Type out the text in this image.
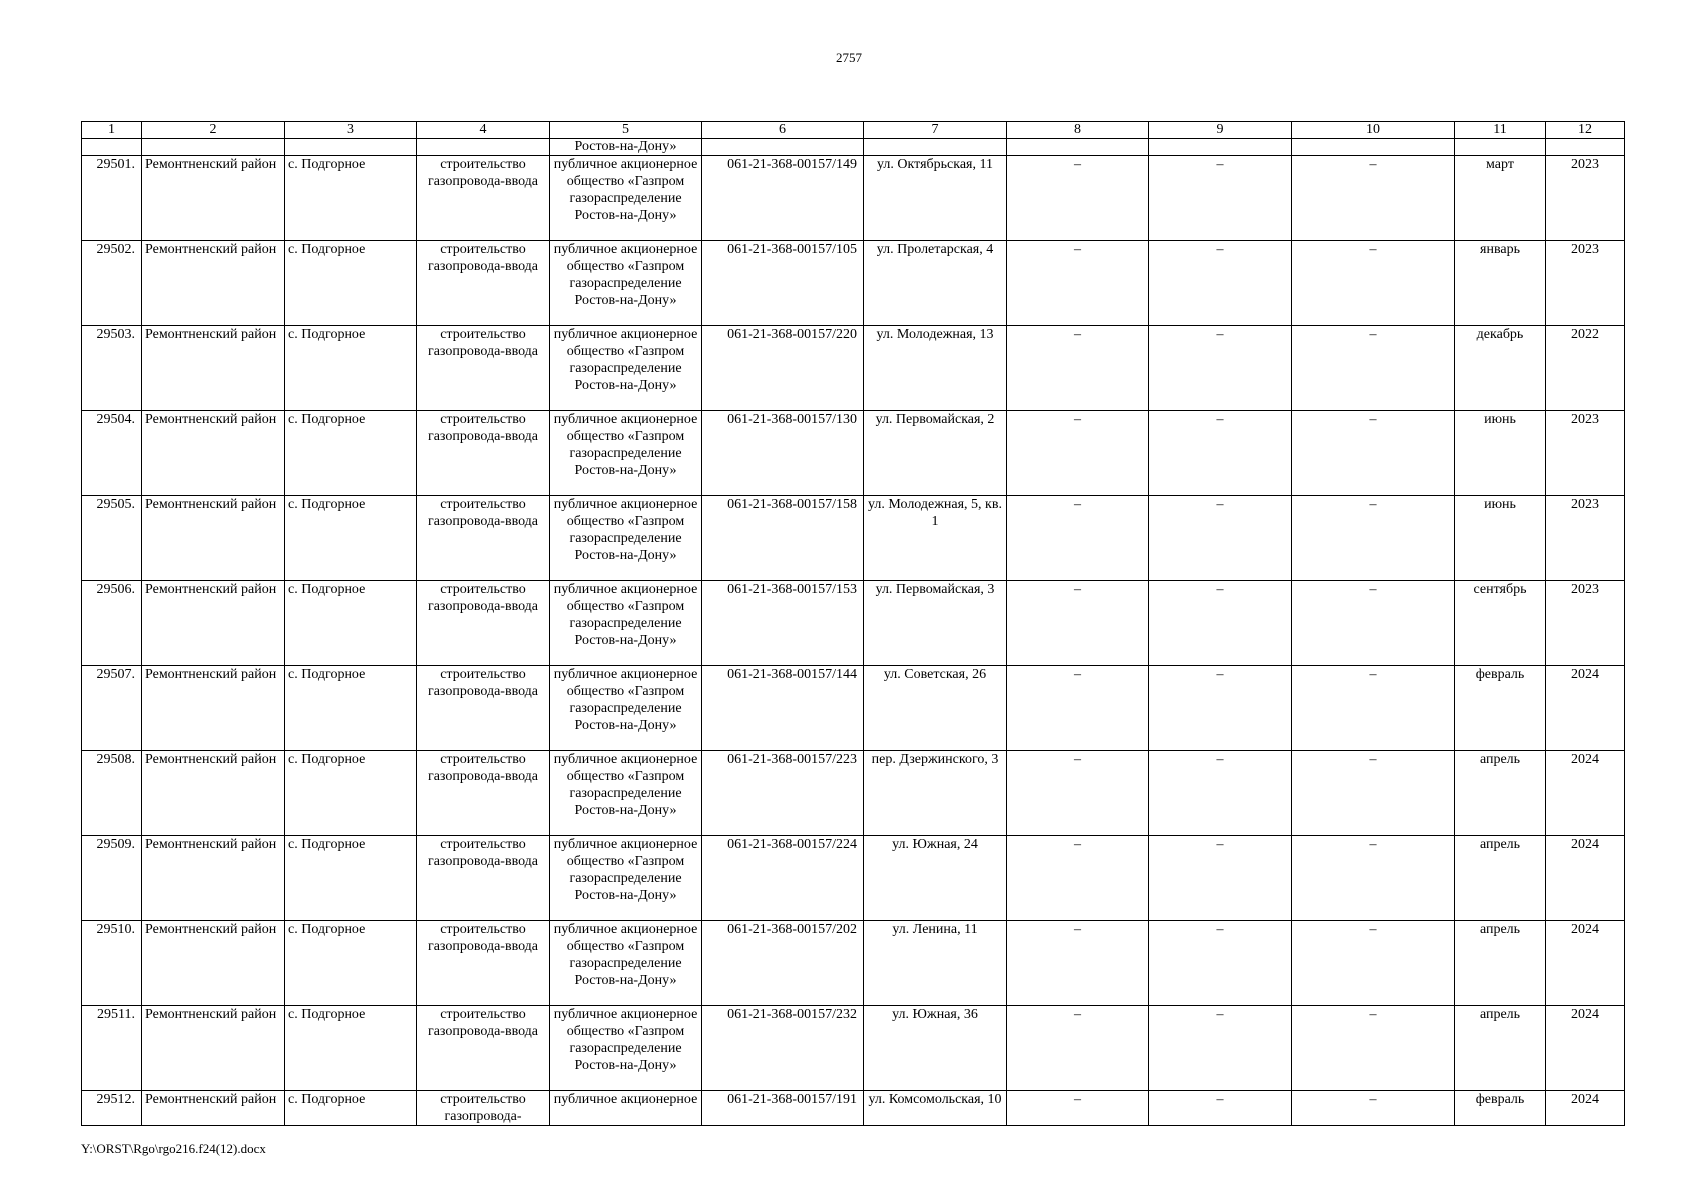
2757
1	2	3	4	5	6	7	8	9	10	11	12
				Ростов-на-Дону»							
29501.	Ремонтненский район	с. Подгорное	строительство газопровода-ввода	публичное акционерное общество «Газпром газораспределение Ростов-на-Дону»	061-21-368-00157/149	ул. Октябрьская, 11	–	–	–	март	2023
29502.	Ремонтненский район	с. Подгорное	строительство газопровода-ввода	публичное акционерное общество «Газпром газораспределение Ростов-на-Дону»	061-21-368-00157/105	ул. Пролетарская, 4	–	–	–	январь	2023
29503.	Ремонтненский район	с. Подгорное	строительство газопровода-ввода	публичное акционерное общество «Газпром газораспределение Ростов-на-Дону»	061-21-368-00157/220	ул. Молодежная, 13	–	–	–	декабрь	2022
29504.	Ремонтненский район	с. Подгорное	строительство газопровода-ввода	публичное акционерное общество «Газпром газораспределение Ростов-на-Дону»	061-21-368-00157/130	ул. Первомайская, 2	–	–	–	июнь	2023
29505.	Ремонтненский район	с. Подгорное	строительство газопровода-ввода	публичное акционерное общество «Газпром газораспределение Ростов-на-Дону»	061-21-368-00157/158	ул. Молодежная, 5, кв. 1	–	–	–	июнь	2023
29506.	Ремонтненский район	с. Подгорное	строительство газопровода-ввода	публичное акционерное общество «Газпром газораспределение Ростов-на-Дону»	061-21-368-00157/153	ул. Первомайская, 3	–	–	–	сентябрь	2023
29507.	Ремонтненский район	с. Подгорное	строительство газопровода-ввода	публичное акционерное общество «Газпром газораспределение Ростов-на-Дону»	061-21-368-00157/144	ул. Советская, 26	–	–	–	февраль	2024
29508.	Ремонтненский район	с. Подгорное	строительство газопровода-ввода	публичное акционерное общество «Газпром газораспределение Ростов-на-Дону»	061-21-368-00157/223	пер. Дзержинского, 3	–	–	–	апрель	2024
29509.	Ремонтненский район	с. Подгорное	строительство газопровода-ввода	публичное акционерное общество «Газпром газораспределение Ростов-на-Дону»	061-21-368-00157/224	ул. Южная, 24	–	–	–	апрель	2024
29510.	Ремонтненский район	с. Подгорное	строительство газопровода-ввода	публичное акционерное общество «Газпром газораспределение Ростов-на-Дону»	061-21-368-00157/202	ул. Ленина, 11	–	–	–	апрель	2024
29511.	Ремонтненский район	с. Подгорное	строительство газопровода-ввода	публичное акционерное общество «Газпром газораспределение Ростов-на-Дону»	061-21-368-00157/232	ул. Южная, 36	–	–	–	апрель	2024
29512.	Ремонтненский район	с. Подгорное	строительство газопровода-	публичное акционерное	061-21-368-00157/191	ул. Комсомольская, 10	–	–	–	февраль	2024
Y:\ORST\Rgo\rgo216.f24(12).docx
